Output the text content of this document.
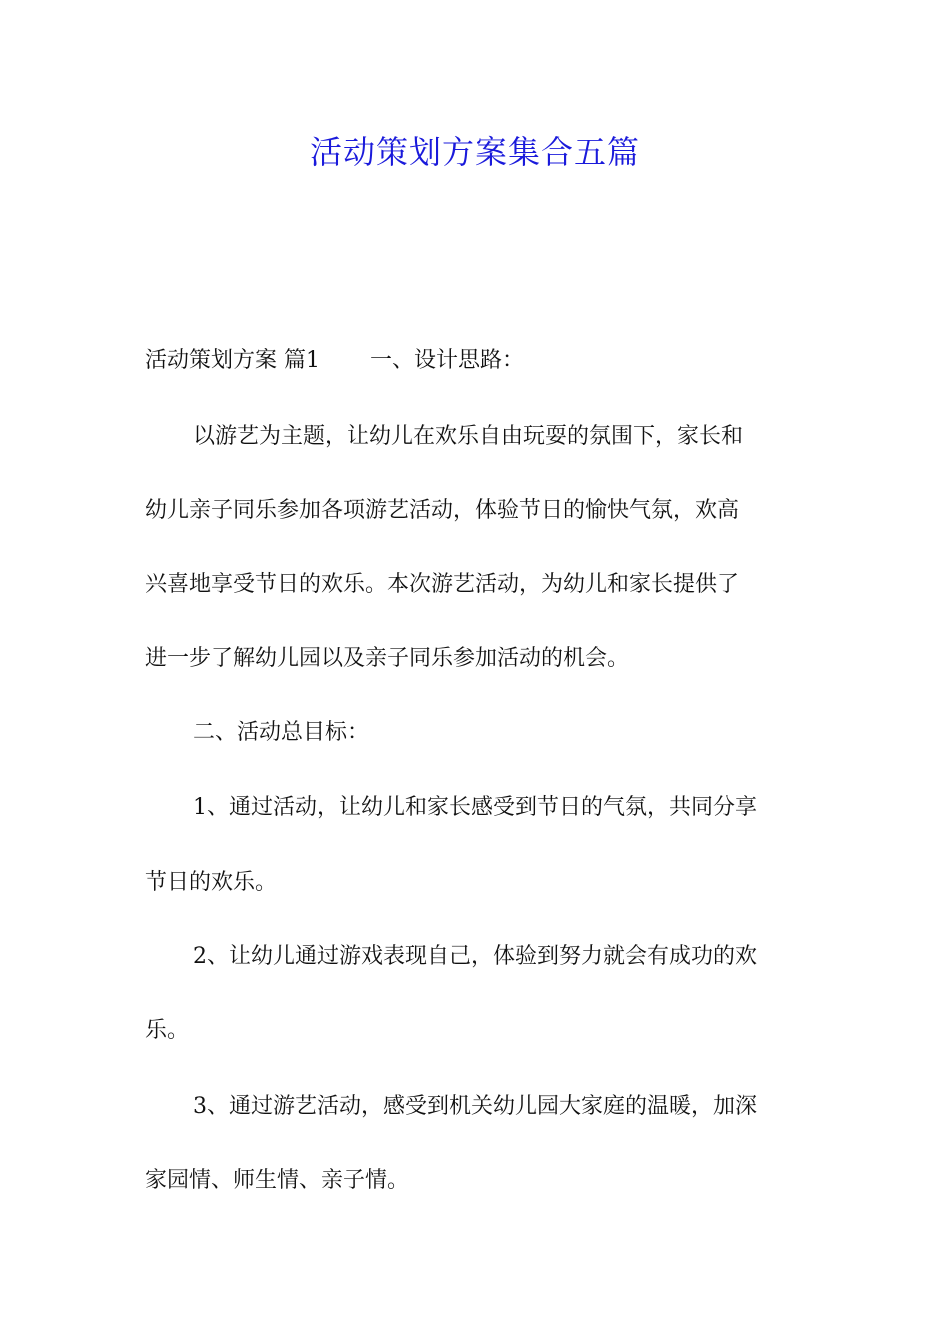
活动策划方案集合五篇
活动策划方案 篇1 一、设计思路：
以游艺为主题，让幼儿在欢乐自由玩耍的氛围下，家长和
幼儿亲子同乐参加各项游艺活动，体验节日的愉快气氛，欢高
兴喜地享受节日的欢乐。本次游艺活动，为幼儿和家长提供了
进一步了解幼儿园以及亲子同乐参加活动的机会。
二、活动总目标：
1、通过活动，让幼儿和家长感受到节日的气氛，共同分享
节日的欢乐。
2、让幼儿通过游戏表现自己，体验到努力就会有成功的欢
乐。
3、通过游艺活动，感受到机关幼儿园大家庭的温暖，加深
家园情、师生情、亲子情。
